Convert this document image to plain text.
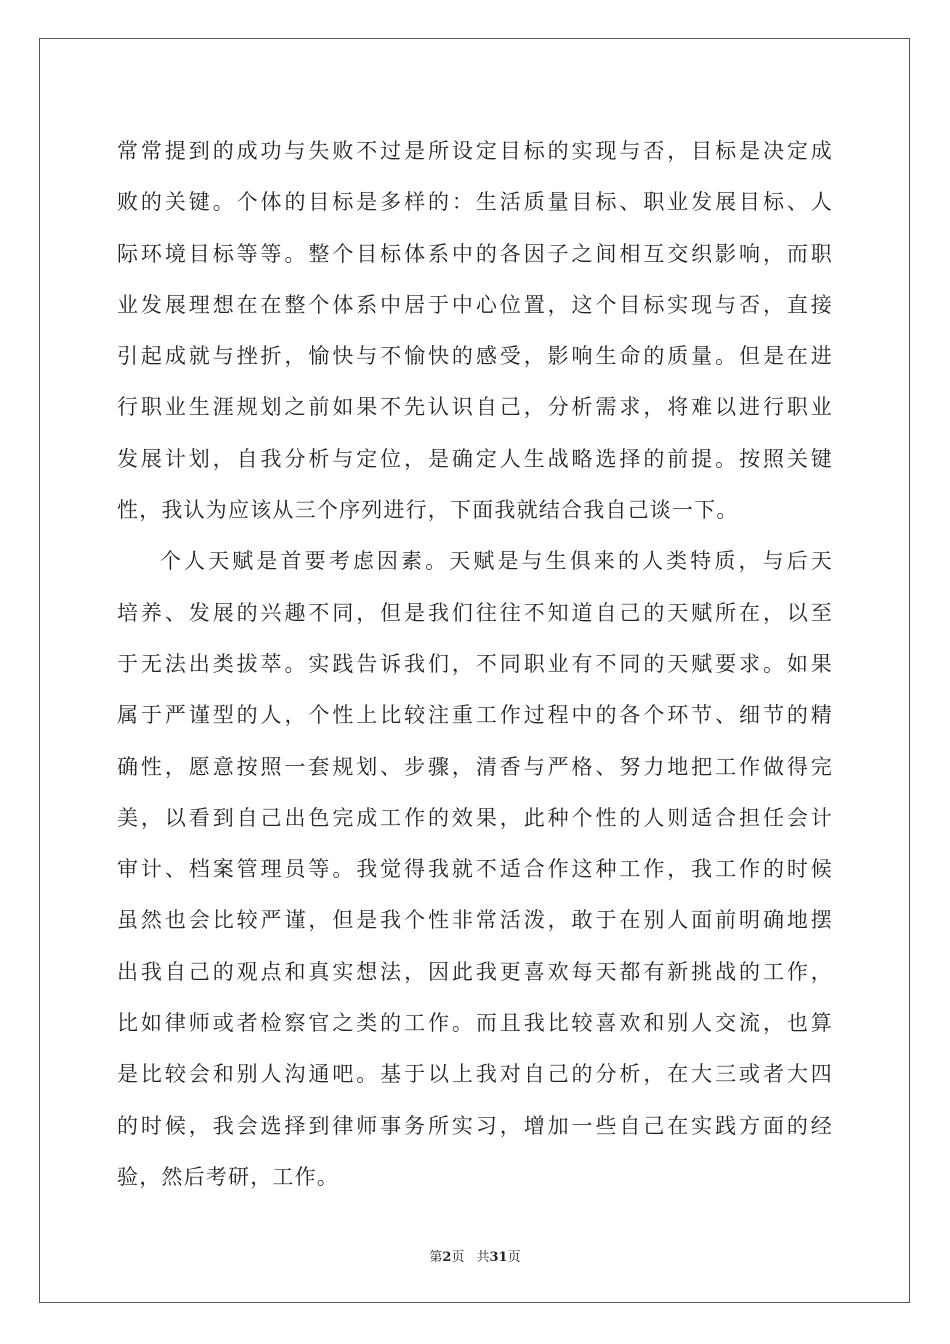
常常提到的成功与失败不过是所设定目标的实现与否，目标是决定成
败的关键。个体的目标是多样的：生活质量目标、职业发展目标、人
际环境目标等等。整个目标体系中的各因子之间相互交织影响，而职
业发展理想在在整个体系中居于中心位置，这个目标实现与否，直接
引起成就与挫折，愉快与不愉快的感受，影响生命的质量。但是在进
行职业生涯规划之前如果不先认识自己，分析需求，将难以进行职业
发展计划，自我分析与定位，是确定人生战略选择的前提。按照关键
性，我认为应该从三个序列进行，下面我就结合我自己谈一下。
个人天赋是首要考虑因素。天赋是与生俱来的人类特质，与后天
培养、发展的兴趣不同，但是我们往往不知道自己的天赋所在，以至
于无法出类拔萃。实践告诉我们，不同职业有不同的天赋要求。如果
属于严谨型的人，个性上比较注重工作过程中的各个环节、细节的精
确性，愿意按照一套规划、步骤，清香与严格、努力地把工作做得完
美，以看到自己出色完成工作的效果，此种个性的人则适合担任会计
审计、档案管理员等。我觉得我就不适合作这种工作，我工作的时候
虽然也会比较严谨，但是我个性非常活泼，敢于在别人面前明确地摆
出我自己的观点和真实想法，因此我更喜欢每天都有新挑战的工作，
比如律师或者检察官之类的工作。而且我比较喜欢和别人交流，也算
是比较会和别人沟通吧。基于以上我对自己的分析，在大三或者大四
的时候，我会选择到律师事务所实习，增加一些自己在实践方面的经
验，然后考研，工作。
第2页 共31页
